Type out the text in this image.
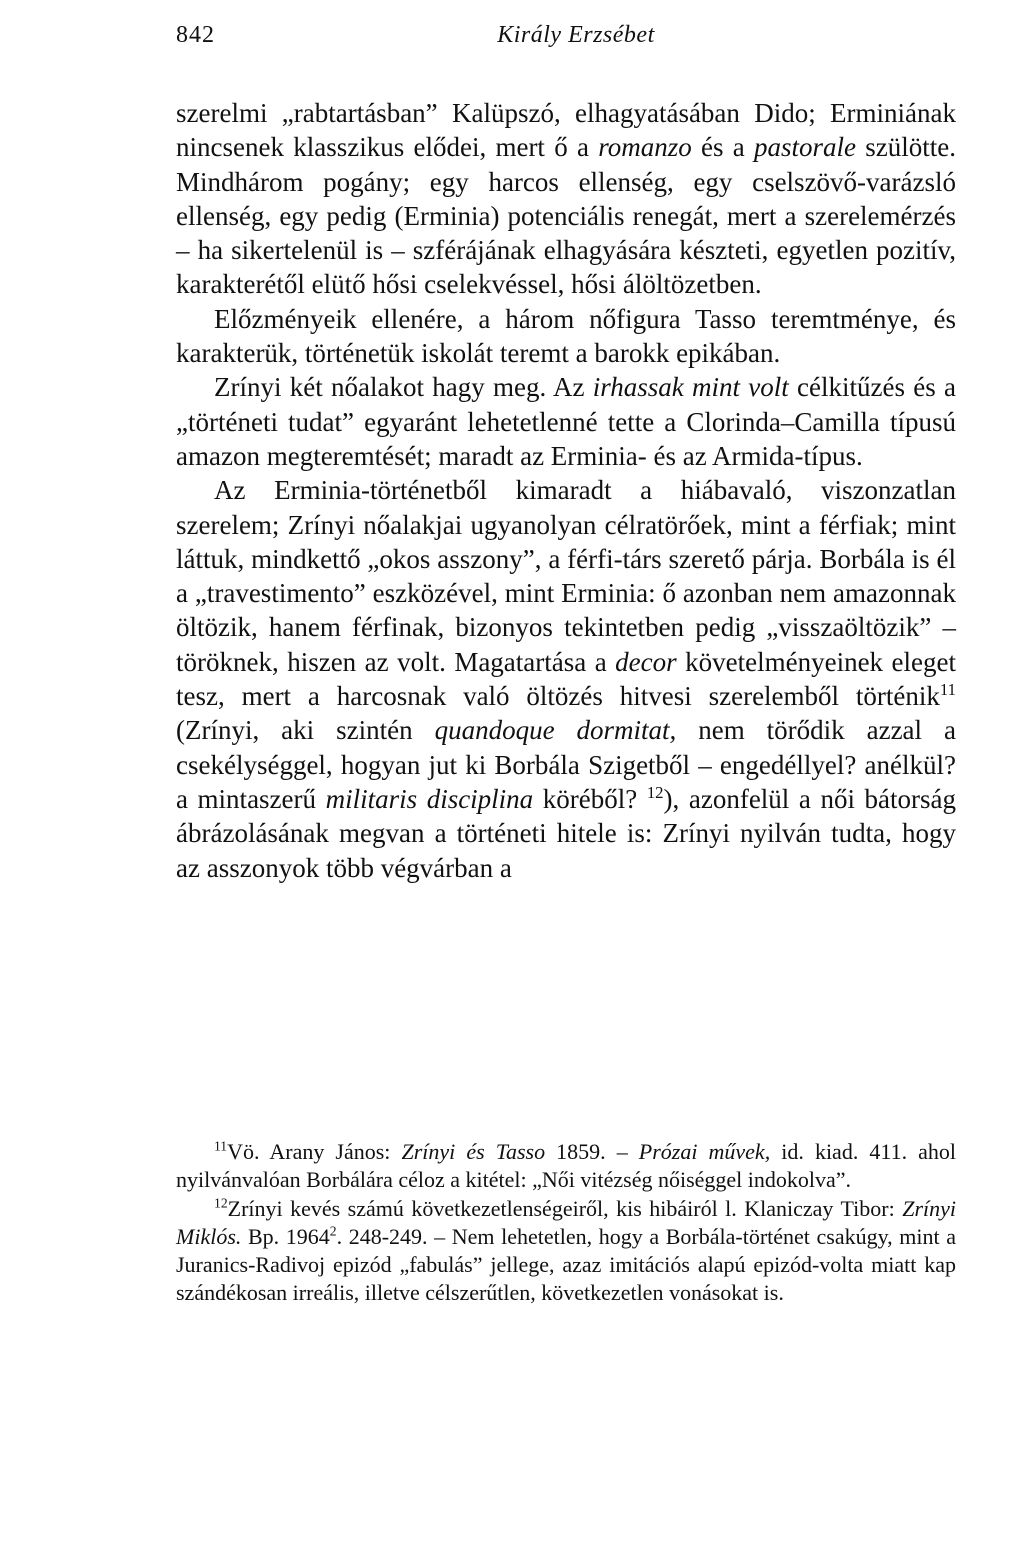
842	Király Erzsébet

szerelmi „rabtartásban” Kalüpszó, elhagyatásában Dido; Erminiának nincsenek klasszikus elődei, mert ő a romanzo és a pastorale szülötte. Mindhárom pogány; egy harcos ellenség, egy cselszövő-varázsló ellenség, egy pedig (Erminia) potenciális renegát, mert a szerelemérzés – ha sikertelenül is – szférájának elhagyására készteti, egyetlen pozitív, karakterétől elütő hősi cselekvéssel, hősi álöltözetben.

Előzményeik ellenére, a három nőfigura Tasso teremtménye, és karakterük, történetük iskolát teremt a barokk epikában.

Zrínyi két nőalakot hagy meg. Az irhassak mint volt célkitűzés és a „történeti tudat” egyaránt lehetetlenné tette a Clorinda–Camilla típusú amazon megteremtését; maradt az Erminia- és az Armida-típus.

Az Erminia-történetből kimaradt a hiábavaló, viszonzatlan szerelem; Zrínyi nőalakjai ugyanolyan célratörőek, mint a férfiak; mint láttuk, mindkettő „okos asszony”, a férfi-társ szerető párja. Borbála is él a „travestimento” eszközével, mint Erminia: ő azonban nem amazonnak öltözik, hanem férfinak, bizonyos tekintetben pedig „visszaöltözik” – töröknek, hiszen az volt. Magatartása a decor követelményeinek eleget tesz, mert a harcosnak való öltözés hitvesi szerelemből történik$^{11}$ (Zrínyi, aki szintén quandoque dormitat, nem törődik azzal a csekélységgel, hogyan jut ki Borbála Szigetből – engedéllyel? anélkül? a mintaszerű militaris disciplina köréből? $^{12}$), azonfelül a női bátorság ábrázolásának megvan a történeti hitele is: Zrínyi nyilván tudta, hogy az asszonyok több végvárban a

$^{11}$Vö. Arany János: Zrínyi és Tasso 1859. – Prózai művek, id. kiad. 411. ahol nyilvánvalóan Borbálára céloz a kitétel: „Női vitézség nőiséggel indokolva”.

$^{12}$Zrínyi kevés számú következetlenségeiről, kis hibáiról l. Klaniczay Tibor: Zrínyi Miklós. Bp. 1964$^2$. 248-249. – Nem lehetetlen, hogy a Borbála-történet csakúgy, mint a Juranics-Radivoj epizód „fabulás” jellege, azaz imitációs alapú epizód-volta miatt kap szándékosan irreális, illetve célszerűtlen, következetlen vonásokat is.
